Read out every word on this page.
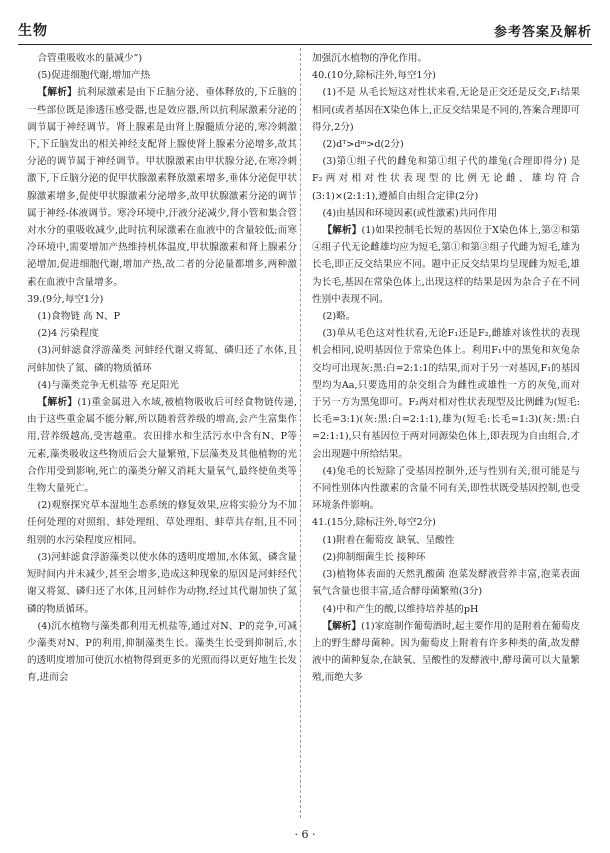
生物	参考答案及解析

合管重吸收水的量减少”)

(5)促进细胞代谢,增加产热

【解析】抗利尿激素是由下丘脑分泌、垂体释放的,下丘脑的一些部位既是渗透压感受器,也是效应器,所以抗利尿激素分泌的调节属于神经调节。肾上腺素是由肾上腺髓质分泌的,寒冷刺激下,下丘脑发出的相关神经支配肾上腺使肾上腺素分泌增多,故其分泌的调节属于神经调节。甲状腺激素由甲状腺分泌,在寒冷刺激下,下丘脑分泌的促甲状腺激素释放激素增多,垂体分泌促甲状腺激素增多,促使甲状腺激素分泌增多,故甲状腺激素分泌的调节属于神经-体液调节。寒冷环境中,汗液分泌减少,肾小管和集合管对水分的重吸收减少,此时抗利尿激素在血液中的含量较低;而寒冷环境中,需要增加产热维持机体温度,甲状腺激素和肾上腺素分泌增加,促进细胞代谢,增加产热,故二者的分泌量都增多,两种激素在血液中含量增多。

39.(9分,每空1分)

(1)食物链 高 N、P

(2)4 污染程度

(3)河蚌滤食浮游藻类 河蚌经代谢又将氮、磷归还了水体,且河蚌加快了氮、磷的物质循环

(4)与藻类竞争无机盐等 充足阳光

【解析】(1)重金属进入水域,被植物吸收后可经食物链传递,由于这些重金属不能分解,所以随着营养级的增高,会产生富集作用,营养级越高,受害越重。农田排水和生活污水中含有N、P等元素,藻类吸收这些物质后会大量繁殖,下层藻类及其他植物的光合作用受到影响,死亡的藻类分解又消耗大量氧气,最终使鱼类等生物大量死亡。

(2)观察探究草本湿地生态系统的修复效果,应将实验分为不加任何处理的对照组、蚌处理组、草处理组、蚌草共存组,且不同组别的水污染程度应相同。

(3)河蚌滤食浮游藻类以使水体的透明度增加,水体氮、磷含量短时间内并未减少,甚至会增多,造成这种现象的原因是河蚌经代谢又将氮、磷归还了水体,且河蚌作为动物,经过其代谢加快了氮磷的物质循环。

(4)沉水植物与藻类都利用无机盐等,通过对N、P的竞争,可减少藻类对N、P的利用,抑制藻类生长。藻类生长受到抑制后,水的透明度增加可使沉水植物得到更多的光照而得以更好地生长发育,进而会

加强沉水植物的净化作用。

40.(10分,除标注外,每空1分)

(1)不是 从毛长短这对性状来看,无论是正交还是反交,F₁结果相同(或者基因在X染色体上,正反交结果是不同的,答案合理即可得分,2分)

(2)dᵀ>dᵐ>d(2分)

(3)第①组子代的雌兔和第①组子代的雄兔(合理即得分) 是 F₂两对相对性状表现型的比例无论雌、雄均符合(3:1)×(2:1:1),遵循自由组合定律(2分)

(4)由基因和环境因素(或性激素)共同作用

【解析】(1)如果控制毛长短的基因位于X染色体上,第②和第④组子代无论雌雄均应为短毛,第①和第③组子代雌为短毛,雄为长毛,即正反交结果应不同。题中正反交结果均呈现雌为短毛,雄为长毛,基因在常染色体上,出现这样的结果是因为杂合子在不同性别中表现不同。

(2)略。

(3)单从毛色这对性状看,无论F₁还是F₂,雌雄对该性状的表现机会相同,说明基因位于常染色体上。利用F₁中的黑兔和灰兔杂交均可出现灰:黑:白=2:1:1的结果,而对于另一对基因,F₁的基因型均为Aa,只要选用的杂交组合为雌性或雄性一方的灰兔,而对于另一方为黑兔即可。F₂两对相对性状表现型及比例雌为(短毛:长毛=3:1)(灰:黑:白=2:1:1),雄为(短毛:长毛=1:3)(灰:黑:白=2:1:1),只有基因位于两对同源染色体上,即表现为自由组合,才会出现题中所给结果。

(4)兔毛的长短除了受基因控制外,还与性别有关,很可能是与不同性别体内性激素的含量不同有关,即性状既受基因控制,也受环境条件影响。

41.(15分,除标注外,每空2分)

(1)附着在葡萄皮 缺氧、呈酸性

(2)抑制细菌生长 接种环

(3)植物体表面的天然乳酸菌 泡菜发酵液营养丰富,泡菜表面氧气含量也很丰富,适合酵母菌繁殖(3分)

(4)中和产生的酸,以维持培养基的pH

【解析】(1)家庭制作葡萄酒时,起主要作用的是附着在葡萄皮上的野生酵母菌种。因为葡萄皮上附着有许多种类的菌,故发酵液中的菌种复杂,在缺氧、呈酸性的发酵液中,酵母菌可以大量繁殖,而绝大多

· 6 ·
